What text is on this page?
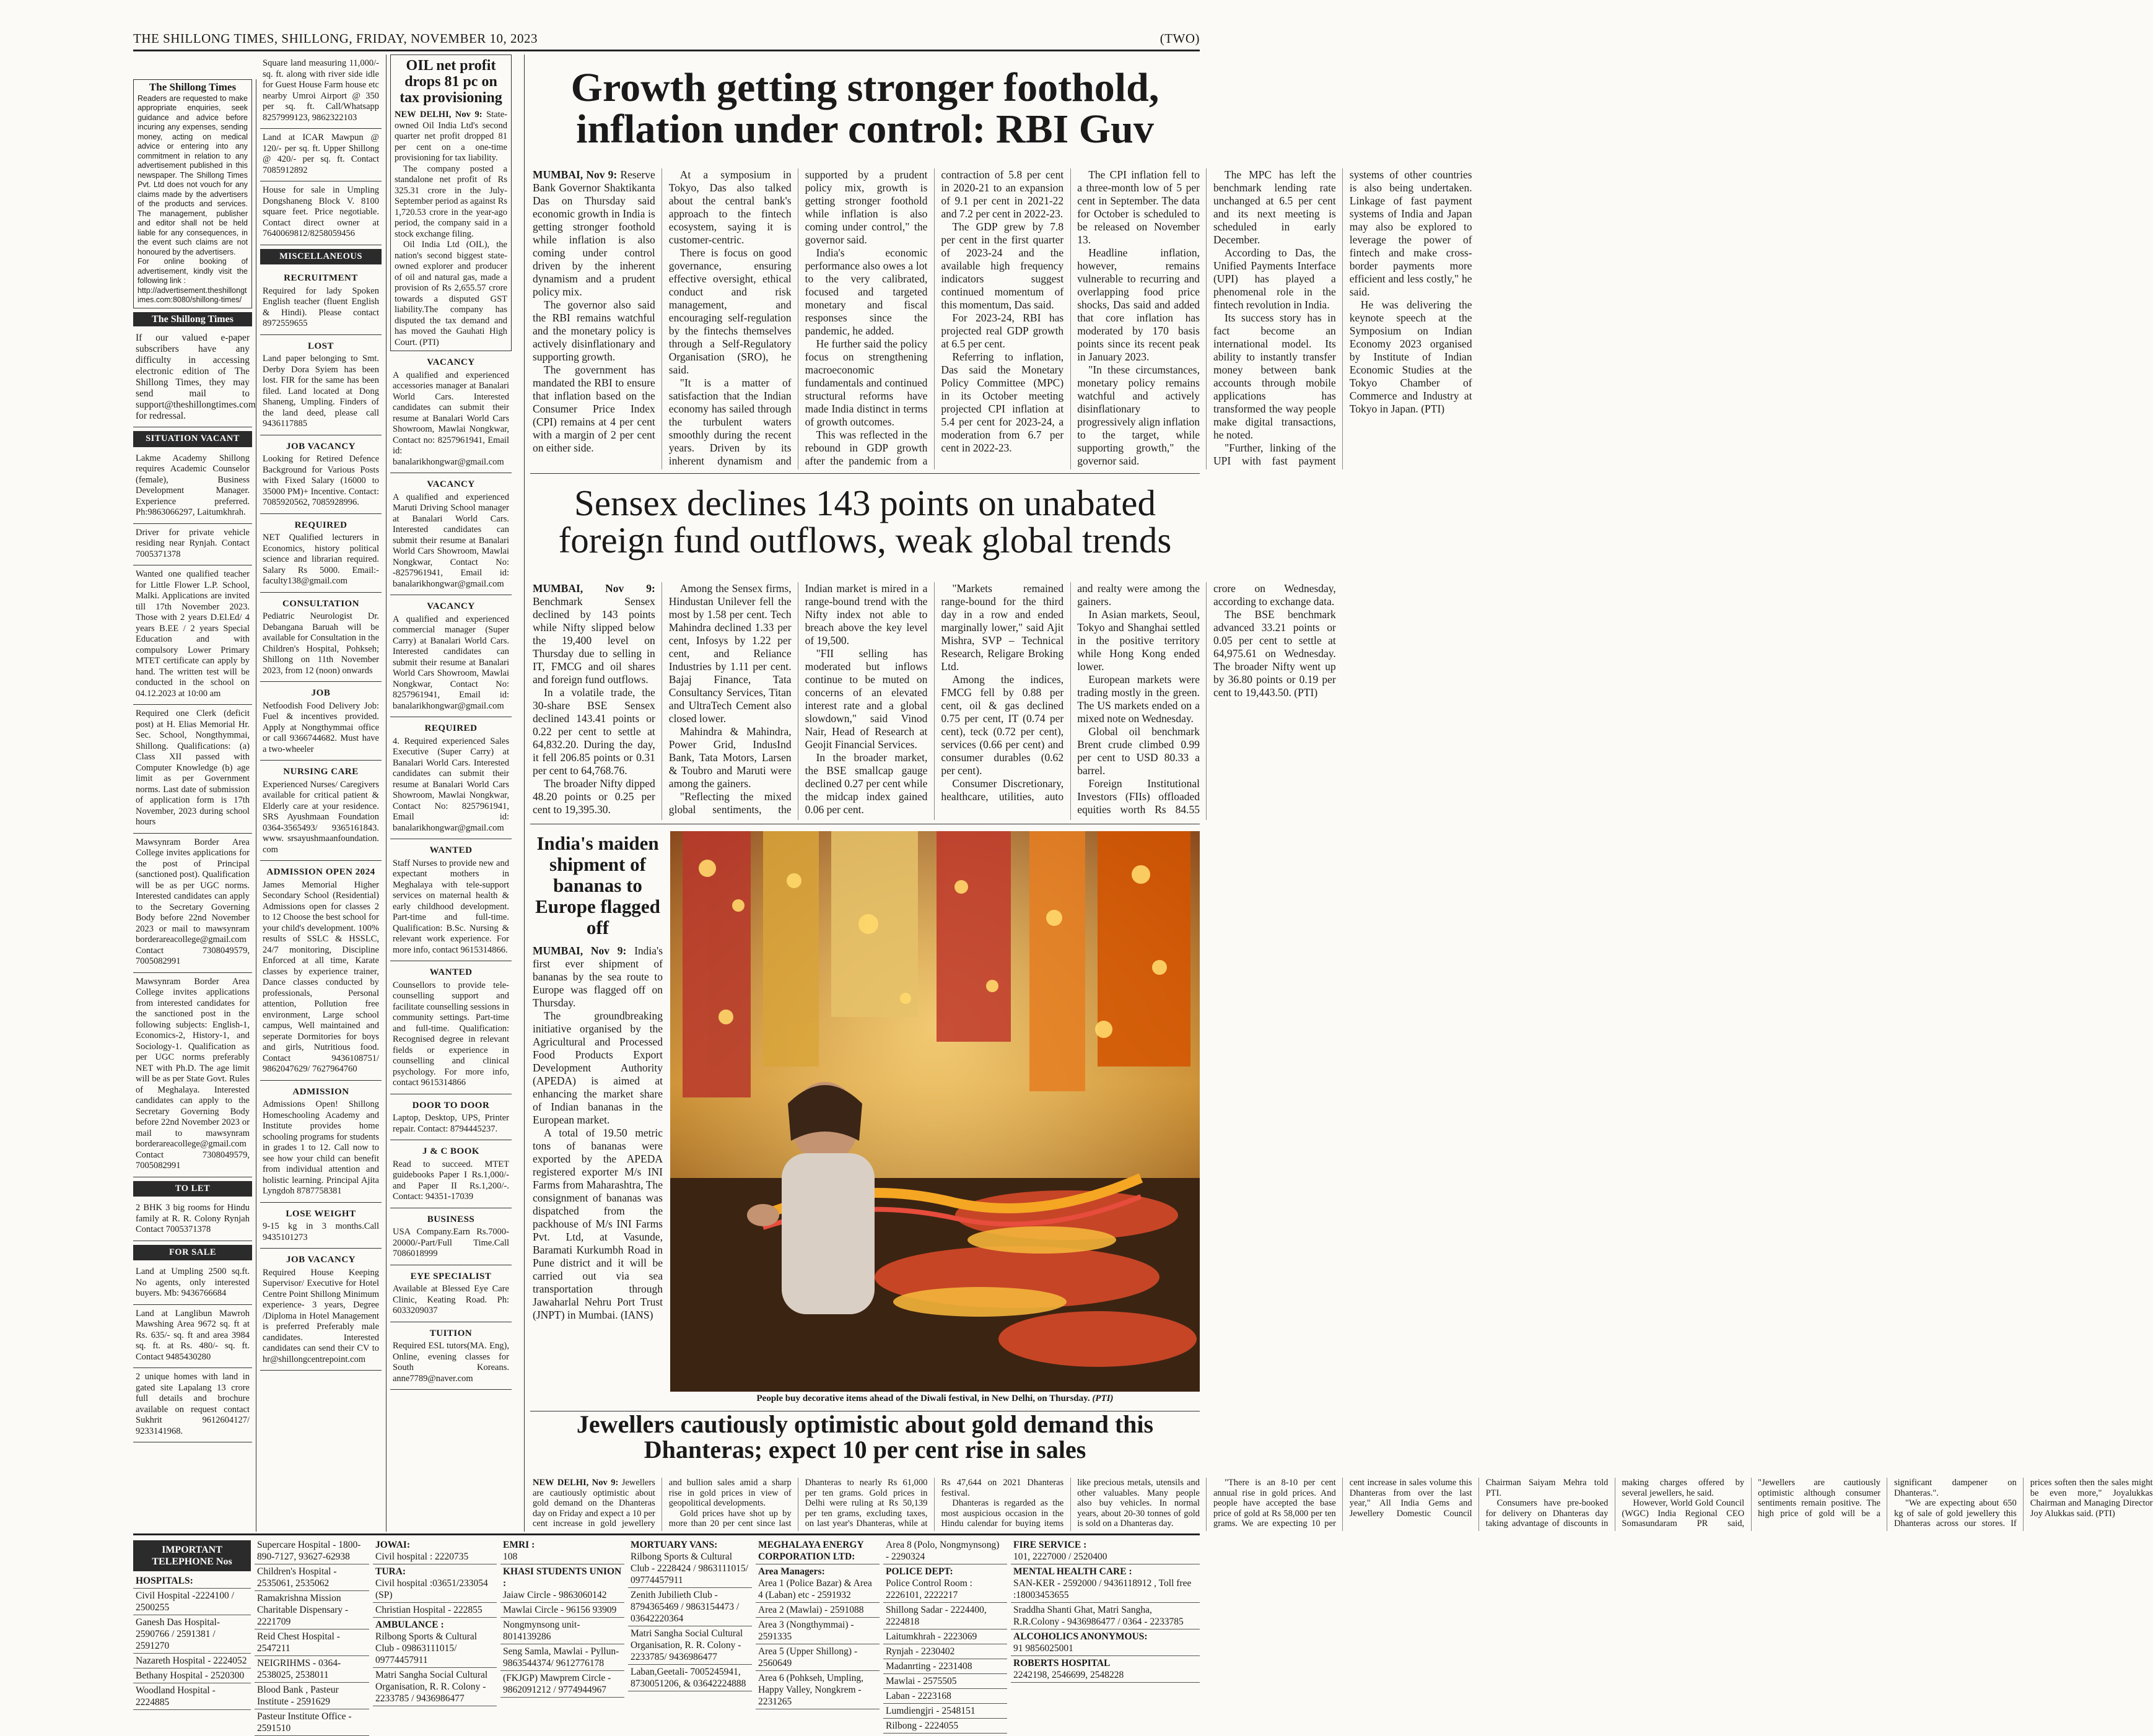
THE SHILLONG TIMES, SHILLONG, FRIDAY, NOVEMBER 10, 2023	(TWO)
The Shillong Times
Readers are requested to make appropriate enquiries, seek guidance and advice before incuring any expenses, sending money, acting on medical advice or entering into any commitment in relation to any advertisement published in this newspaper. The Shillong Times Pvt. Ltd does not vouch for any claims made by the advertisers of the products and services. The management, publisher and editor shall not be held liable for any consequences, in the event such claims are not honoured by the advertisers.
For online booking of advertisement, kindly visit the following link :
http://advertisement.theshillongtimes.com:8080/shillong-times/
The Shillong Times

If our valued e-paper subscribers have any difficulty in accessing electronic edition of The Shillong Times, they may send mail to support@theshillongtimes.com for redressal.

SITUATION VACANT

Lakme Academy Shillong requires Academic Counselor (female), Business Development Manager. Experience preferred. Ph:9863066297, Laitumkhrah.

Driver for private vehicle residing near Rynjah. Contact 7005371378

Wanted one qualified teacher for Little Flower L.P. School, Malki. Applications are invited till 17th November 2023. Those with 2 years D.El.Ed/ 4 years B.EE / 2 years Special Education and with compulsory Lower Primary MTET certificate can apply by hand. The written test will be conducted in the school on 04.12.2023 at 10:00 am

Required one Clerk (deficit post) at H. Elias Memorial Hr. Sec. School, Nongthymmai, Shillong. Qualifications: (a) Class XII passed with Computer Knowledge (b) age limit as per Government norms. Last date of submission of application form is 17th November, 2023 during school hours

Mawsynram Border Area College invites applications for the post of Principal (sanctioned post). Qualification will be as per UGC norms. Interested candidates can apply to the Secretary Governing Body before 22nd November 2023 or mail to mawsynram borderareacollege@gmail.com Contact 7308049579, 7005082991

Mawsynram Border Area College invites applications from interested candidates for the sanctioned post in the following subjects: English-1, Economics-2, History-1, and Sociology-1. Qualification as per UGC norms preferably NET with Ph.D. The age limit will be as per State Govt. Rules of Meghalaya. Interested candidates can apply to the Secretary Governing Body before 22nd November 2023 or mail to mawsynram borderareacollege@gmail.com Contact 7308049579, 7005082991

TO LET

2 BHK 3 big rooms for Hindu family at R. R. Colony Rynjah Contact 7005371378

FOR SALE

Land at Umpling 2500 sq.ft. No agents, only interested buyers. Mb: 9436766684

Land at Langlibun Mawroh Mawshing Area 9672 sq. ft at Rs. 635/- sq. ft and area 3984 sq. ft. at Rs. 480/- sq. ft. Contact 9485430280

2 unique homes with land in gated site Lapalang 13 crore full details and brochure available on request contact Sukhrit 9612604127/ 9233141968.

Square land measuring 11,000/- sq. ft. along with river side idle for Guest House Farm house etc nearby Umroi Airport @ 350 per sq. ft. Call/Whatsapp 8257999123, 9862322103

Land at ICAR Mawpun @ 120/- per sq. ft. Upper Shillong @ 420/- per sq. ft. Contact 7085912892

House for sale in Umpling Dongshaneng Block V. 8100 square feet. Price negotiable. Contact direct owner at 7640069812/8258059456

MISCELLANEOUS
RECRUITMENT

Required for lady Spoken English teacher (fluent English & Hindi). Please contact 8972559655

LOST

Land paper belonging to Smt. Derby Dora Syiem has been lost. FIR for the same has been filed. Land located at Dong Shaneng, Umpling. Finders of the land deed, please call 9436117885

JOB VACANCY

Looking for Retired Defence Background for Various Posts with Fixed Salary (16000 to 35000 PM)+ Incentive. Contact: 7085920562, 7085928996.

REQUIRED

NET Qualified lecturers in Economics, history political science and librarian required. Salary Rs 5000. Email:- faculty138@gmail.com

CONSULTATION

Pediatric Neurologist Dr. Debangana Baruah will be available for Consultation in the Children's Hospital, Pohkseh; Shillong on 11th November 2023, from 12 (noon) onwards

JOB

Netfoodish Food Delivery Job: Fuel & incentives provided. Apply at Nongthymmai office or call 9366744682. Must have a two-wheeler

NURSING CARE

Experienced Nurses/ Caregivers available for critical patient & Elderly care at your residence. SRS Ayushmaan Foundation 0364-3565493/ 9365161843. www. srsayushmaanfoundation. com

ADMISSION OPEN 2024

James Memorial Higher Secondary School (Residential) Admissions open for classes 2 to 12 Choose the best school for your child's development. 100% results of SSLC & HSSLC, 24/7 monitoring, Discipline Enforced at all time, Karate classes by experience trainer, Dance classes conducted by professionals, Personal attention, Pollution free environment, Large school campus, Well maintained and seperate Dormitories for boys and girls, Nutritious food. Contact 9436108751/ 9862047629/ 7627964760

ADMISSION

Admissions Open! Shillong Homeschooling Academy and Institute provides home schooling programs for students in grades 1 to 12. Call now to see how your child can benefit from individual attention and holistic learning. Principal Ajita Lyngdoh 8787758381

LOSE WEIGHT

9-15 kg in 3 months.Call 9435101273

JOB VACANCY

Required House Keeping Supervisor/ Executive for Hotel Centre Point Shillong Minimum experience- 3 years, Degree /Diploma in Hotel Management is preferred Preferably male candidates. Interested candidates can send their CV to hr@shillongcentrepoint.com

OIL net profit drops 81 pc on tax provisioning

NEW DELHI, Nov 9: State-owned Oil India Ltd's second quarter net profit dropped 81 per cent on a one-time provisioning for tax liability.

The company posted a standalone net profit of Rs 325.31 crore in the July-September period as against Rs 1,720.53 crore in the year-ago period, the company said in a stock exchange filing.

Oil India Ltd (OIL), the nation's second biggest state-owned explorer and producer of oil and natural gas, made a provision of Rs 2,655.57 crore towards a disputed GST liability.The company has disputed the tax demand and has moved the Gauhati High Court. (PTI)

VACANCY

A qualified and experienced accessories manager at Banalari World Cars. Interested candidates can submit their resume at Banalari World Cars Showroom, Mawlai Nongkwar, Contact no: 8257961941, Email id: banalarikhongwar@gmail.com

VACANCY

A qualified and experienced Maruti Driving School manager at Banalari World Cars. Interested candidates can submit their resume at Banalari World Cars Showroom, Mawlai Nongkwar, Contact No: -8257961941, Email id: banalarikhongwar@gmail.com

VACANCY

A qualified and experienced commercial manager (Super Carry) at Banalari World Cars. Interested candidates can submit their resume at Banalari World Cars Showroom, Mawlai Nongkwar, Contact No: 8257961941, Email id: banalarikhongwar@gmail.com

REQUIRED

4. Required experienced Sales Executive (Super Carry) at Banalari World Cars. Interested candidates can submit their resume at Banalari World Cars Showroom, Mawlai Nongkwar, Contact No: 8257961941, Email id: banalarikhongwar@gmail.com

WANTED

Staff Nurses to provide new and expectant mothers in Meghalaya with tele-support services on maternal health & early childhood development. Part-time and full-time. Qualification: B.Sc. Nursing & relevant work experience. For more info, contact 9615314866.

WANTED

Counsellors to provide tele-counselling support and facilitate counselling sessions in community settings. Part-time and full-time. Qualification: Recognised degree in relevant fields or experience in counselling and clinical psychology. For more info, contact 9615314866

DOOR TO DOOR

Laptop, Desktop, UPS, Printer repair. Contact: 8794445237.

J & C BOOK

Read to succeed. MTET guidebooks Paper I Rs.1,000/- and Paper II Rs.1,200/-. Contact: 94351-17039

BUSINESS

USA Company.Earn Rs.7000-20000/-Part/Full Time.Call 7086018999

EYE SPECIALIST

Available at Blessed Eye Care Clinic, Keating Road. Ph: 6033209037

TUITION

Required ESL tutors(MA. Eng), Online, evening classes for South Koreans. anne7789@naver.com

Growth getting stronger foothold, inflation under control: RBI Guv

MUMBAI, Nov 9: Reserve Bank Governor Shaktikanta Das on Thursday said economic growth in India is getting stronger foothold while inflation is also coming under control driven by the inherent dynamism and a prudent policy mix.

The governor also said the RBI remains watchful and the monetary policy is actively disinflationary and supporting growth.

The government has mandated the RBI to ensure that inflation based on the Consumer Price Index (CPI) remains at 4 per cent with a margin of 2 per cent on either side.

At a symposium in Tokyo, Das also talked about the central bank's approach to the fintech ecosystem, saying it is customer-centric.

There is focus on good governance, ensuring effective oversight, ethical conduct and risk management, and encouraging self-regulation by the fintechs themselves through a Self-Regulatory Organisation (SRO), he said.

"It is a matter of satisfaction that the Indian economy has sailed through the turbulent waters smoothly during the recent years. Driven by its inherent dynamism and supported by a prudent policy mix, growth is getting stronger foothold while inflation is also coming under control," the governor said.

India's economic performance also owes a lot to the very calibrated, focused and targeted monetary and fiscal responses since the pandemic, he added.

He further said the policy focus on strengthening macroeconomic fundamentals and continued structural reforms have made India distinct in terms of growth outcomes.

This was reflected in the rebound in GDP growth after the pandemic from a contraction of 5.8 per cent in 2020-21 to an expansion of 9.1 per cent in 2021-22 and 7.2 per cent in 2022-23.

The GDP grew by 7.8 per cent in the first quarter of 2023-24 and the available high frequency indicators suggest continued momentum of this momentum, Das said.

For 2023-24, RBI has projected real GDP growth at 6.5 per cent.

Referring to inflation, Das said the Monetary Policy Committee (MPC) in its October meeting projected CPI inflation at 5.4 per cent for 2023-24, a moderation from 6.7 per cent in 2022-23.

The CPI inflation fell to a three-month low of 5 per cent in September. The data for October is scheduled to be released on November 13.

Headline inflation, however, remains vulnerable to recurring and overlapping food price shocks, Das said and added that core inflation has moderated by 170 basis points since its recent peak in January 2023.

"In these circumstances, monetary policy remains watchful and actively disinflationary to progressively align inflation to the target, while supporting growth," the governor said.

The MPC has left the benchmark lending rate unchanged at 6.5 per cent and its next meeting is scheduled in early December.

According to Das, the Unified Payments Interface (UPI) has played a phenomenal role in the fintech revolution in India.

Its success story has in fact become an international model. Its ability to instantly transfer money between bank accounts through mobile applications has transformed the way people make digital transactions, he noted.

"Further, linking of the UPI with fast payment systems of other countries is also being undertaken. Linkage of fast payment systems of India and Japan may also be explored to leverage the power of fintech and make cross-border payments more efficient and less costly," he said.

He was delivering the keynote speech at the Symposium on Indian Economy 2023 organised by Institute of Indian Economic Studies at the Tokyo Chamber of Commerce and Industry at Tokyo in Japan. (PTI)

Sensex declines 143 points on unabated foreign fund outflows, weak global trends

MUMBAI, Nov 9: Benchmark Sensex declined by 143 points while Nifty slipped below the 19,400 level on Thursday due to selling in IT, FMCG and oil shares and foreign fund outflows.

In a volatile trade, the 30-share BSE Sensex declined 143.41 points or 0.22 per cent to settle at 64,832.20. During the day, it fell 206.85 points or 0.31 per cent to 64,768.76.

The broader Nifty dipped 48.20 points or 0.25 per cent to 19,395.30.

Among the Sensex firms, Hindustan Unilever fell the most by 1.58 per cent. Tech Mahindra declined 1.33 per cent, Infosys by 1.22 per cent, and Reliance Industries by 1.11 per cent. Bajaj Finance, Tata Consultancy Services, Titan and UltraTech Cement also closed lower.

Mahindra & Mahindra, Power Grid, IndusInd Bank, Tata Motors, Larsen & Toubro and Maruti were among the gainers.

"Reflecting the mixed global sentiments, the Indian market is mired in a range-bound trend with the Nifty index not able to breach above the key level of 19,500.

"FII selling has moderated but inflows continue to be muted on concerns of an elevated interest rate and a global slowdown," said Vinod Nair, Head of Research at Geojit Financial Services.

In the broader market, the BSE smallcap gauge declined 0.27 per cent while the midcap index gained 0.06 per cent.

"Markets remained range-bound for the third day in a row and ended marginally lower," said Ajit Mishra, SVP – Technical Research, Religare Broking Ltd.

Among the indices, FMCG fell by 0.88 per cent, oil & gas declined 0.75 per cent, IT (0.74 per cent), teck (0.72 per cent), services (0.66 per cent) and consumer durables (0.62 per cent).

Consumer Discretionary, healthcare, utilities, auto and realty were among the gainers.

In Asian markets, Seoul, Tokyo and Shanghai settled in the positive territory while Hong Kong ended lower.

European markets were trading mostly in the green. The US markets ended on a mixed note on Wednesday.

Global oil benchmark Brent crude climbed 0.99 per cent to USD 80.33 a barrel.

Foreign Institutional Investors (FIIs) offloaded equities worth Rs 84.55 crore on Wednesday, according to exchange data.

The BSE benchmark advanced 33.21 points or 0.05 per cent to settle at 64,975.61 on Wednesday. The broader Nifty went up by 36.80 points or 0.19 per cent to 19,443.50. (PTI)

India's maiden shipment of bananas to Europe flagged off

MUMBAI, Nov 9: India's first ever shipment of bananas by the sea route to Europe was flagged off on Thursday.

The groundbreaking initiative organised by the Agricultural and Processed Food Products Export Development Authority (APEDA) is aimed at enhancing the market share of Indian bananas in the European market.

A total of 19.50 metric tons of bananas were exported by the APEDA registered exporter M/s INI Farms from Maharashtra, The consignment of bananas was dispatched from the packhouse of M/s INI Farms Pvt. Ltd, at Vasunde, Baramati Kurkumbh Road in Pune district and it will be carried out via sea transportation through Jawaharlal Nehru Port Trust (JNPT) in Mumbai. (IANS)

People buy decorative items ahead of the Diwali festival, in New Delhi, on Thursday. (PTI)
Jewellers cautiously optimistic about gold demand this Dhanteras; expect 10 per cent rise in sales

NEW DELHI, Nov 9: Jewellers are cautiously optimistic about gold demand on the Dhanteras day on Friday and expect a 10 per cent increase in gold jewellery and bullion sales amid a sharp rise in gold prices in view of geopolitical developments.

Gold prices have shot up by more than 20 per cent since last Dhanteras to nearly Rs 61,000 per ten grams. Gold prices in Delhi were ruling at Rs 50,139 per ten grams, excluding taxes, on last year's Dhanteras, while at Rs 47,644 on 2021 Dhanteras festival.

Dhanteras is regarded as the most auspicious occasion in the Hindu calendar for buying items like precious metals, utensils and other valuables. Many people also buy vehicles. In normal years, about 20-30 tonnes of gold is sold on a Dhanteras day.

"There is an 8-10 per cent annual rise in gold prices. And people have accepted the base price of gold at Rs 58,000 per ten grams. We are expecting 10 per cent increase in sales volume this Dhanteras from over the last year," All India Gems and Jewellery Domestic Council Chairman Saiyam Mehra told PTI.

Consumers have pre-booked for delivery on Dhanteras day taking advantage of discounts in making charges offered by several jewellers, he said.

However, World Gold Council (WGC) India Regional CEO Somasundaram PR said, "Jewellers are cautiously optimistic although consumer sentiments remain positive. The high price of gold will be a significant dampener on Dhanteras.".

"We are expecting about 650 kg of sale of gold jewellery this Dhanteras across our stores. If prices soften then the sales might be even more," Joyalukkas Chairman and Managing Director Joy Alukkas said. (PTI)

IMPORTANT TELEPHONE Nos
HOSPITALS:
Civil Hospital -2224100 / 2500255
Ganesh Das Hospital- 2590766 / 2591381 / 2591270
Nazareth Hospital - 2224052
Bethany Hospital - 2520300
Woodland Hospital - 2224885
Supercare Hospital - 1800-890-7127, 93627-62938
Children's Hospital - 2535061, 2535062
Ramakrishna Mission Charitable Dispensary - 2221709
Reid Chest Hospital - 2547211
NEIGRIHMS - 0364-2538025, 2538011
Blood Bank , Pasteur Institute - 2591629
Pasteur Institute Office - 2591510
JOWAI:
Civil hospital : 2220735
TURA:
Civil hospital :03651/233054 (SP)
Christian Hospital - 222855
AMBULANCE :
Rilbong Sports & Cultural Club - 09863111015/ 09774457911
Matri Sangha Social Cultural Organisation, R. R. Colony - 2233785 / 9436986477
EMRI :
108
KHASI STUDENTS UNION :
Jaiaw Circle - 9863060142
Mawlai Circle - 96156 93909
Nongmynsong unit- 8014139286
Seng Samla, Mawlai - Pyllun-9863544374/ 9612776178
(FKJGP) Mawprem Circle - 9862091212 / 9774944967
MORTUARY VANS:
Rilbong Sports & Cultural Club - 2228424 / 9863111015/ 09774457911
Zenith Jubilieth Club - 8794365469 / 9863154473 / 03642220364
Matri Sangha Social Cultural Organisation, R. R. Colony - 2233785/ 9436986477
Laban,Geetali- 7005245941, 8730051206, & 03642224888
MEGHALAYA ENERGY CORPORATION LTD:
Area Managers:
Area 1 (Police Bazar) & Area 4 (Laban) etc - 2591932
Area 2 (Mawlai) - 2591088
Area 3 (Nongthymmai) - 2591335
Area 5 (Upper Shillong) - 2560649
Area 6 (Pohkseh, Umpling, Happy Valley, Nongkrem - 2231265
Area 8 (Polo, Nongmynsong) - 2290324
POLICE DEPT:
Police Control Room : 2226101, 2222217
Shillong Sadar - 2224400, 2224818
Laitumkhrah - 2223069
Rynjah - 2230402
Madanrting - 2231408
Mawlai - 2575505
Laban - 2223168
Lumdiengjri - 2548151
Rilbong - 2224055
FIRE SERVICE :
101, 2227000 / 2520400
MENTAL HEALTH CARE :
SAN-KER - 2592000 / 9436118912 , Toll free :18003453655
Sraddha Shanti Ghat, Matri Sangha, R.R.Colony - 9436986477 / 0364 - 2233785
ALCOHOLICS ANONYMOUS:
91 9856025001
ROBERTS HOSPITAL
2242198, 2546699, 2548228
